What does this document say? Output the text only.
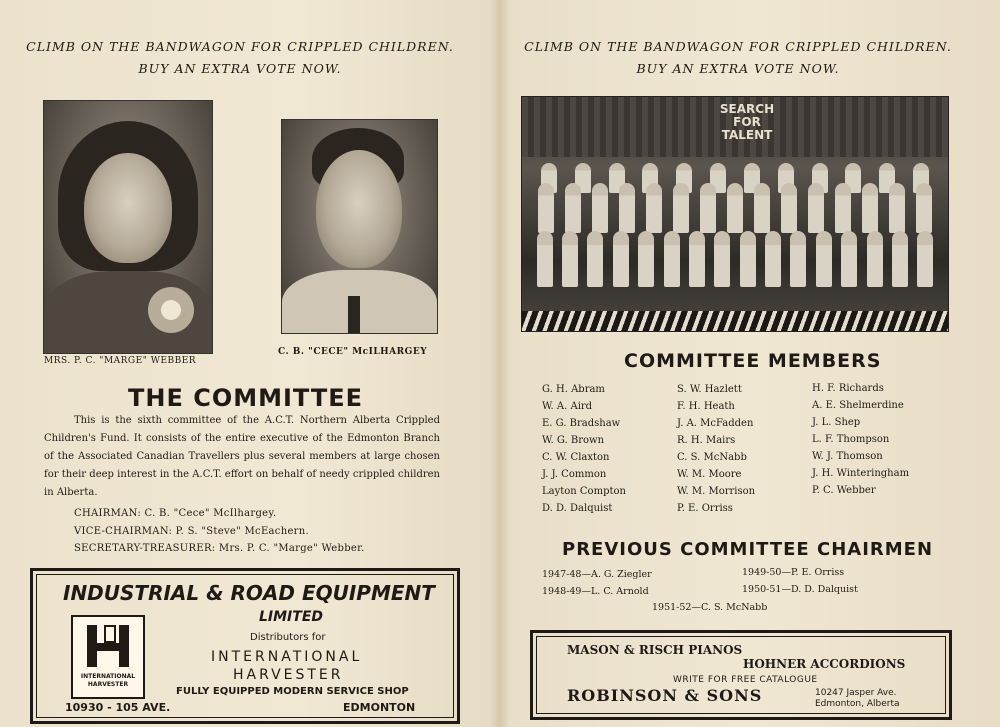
CLIMB ON THE BANDWAGON FOR CRIPPLED CHILDREN.
BUY AN EXTRA VOTE NOW.
MRS. P. C. "MARGE" WEBBER
C. B. "CECE" McILHARGEY
THE COMMITTEE
This is the sixth committee of the A.C.T. Northern Alberta Crippled Children's Fund. It consists of the entire executive of the Edmonton Branch of the Associated Canadian Travellers plus several members at large chosen for their deep interest in the A.C.T. effort on behalf of needy crippled children in Alberta.
CHAIRMAN: C. B. "Cece" McIlhargey.
VICE-CHAIRMAN: P. S. "Steve" McEachern.
SECRETARY-TREASURER: Mrs. P. C. "Marge" Webber.
INDUSTRIAL & ROAD EQUIPMENT
LIMITED
Distributors for
INTERNATIONAL
HARVESTER
FULLY EQUIPPED MODERN SERVICE SHOP
10930 - 105 AVE.	EDMONTON
INTERNATIONAL
HARVESTER
CLIMB ON THE BANDWAGON FOR CRIPPLED CHILDREN.
BUY AN EXTRA VOTE NOW.
SEARCH
FOR
TALENT
COMMITTEE MEMBERS
G. H. Abram
W. A. Aird
E. G. Bradshaw
W. G. Brown
C. W. Claxton
J. J. Common
Layton Compton
D. D. Dalquist
S. W. Hazlett
F. H. Heath
J. A. McFadden
R. H. Mairs
C. S. McNabb
W. M. Moore
W. M. Morrison
P. E. Orriss
H. F. Richards
A. E. Shelmerdine
J. L. Shep
L. F. Thompson
W. J. Thomson
J. H. Winteringham
P. C. Webber
PREVIOUS COMMITTEE CHAIRMEN
1947-48—A. G. Ziegler	1949-50—P. E. Orriss
1948-49—L. C. Arnold	1950-51—D. D. Dalquist
1951-52—C. S. McNabb
MASON & RISCH PIANOS
HOHNER ACCORDIONS
WRITE FOR FREE CATALOGUE
ROBINSON & SONS	10247 Jasper Ave.
Edmonton, Alberta
